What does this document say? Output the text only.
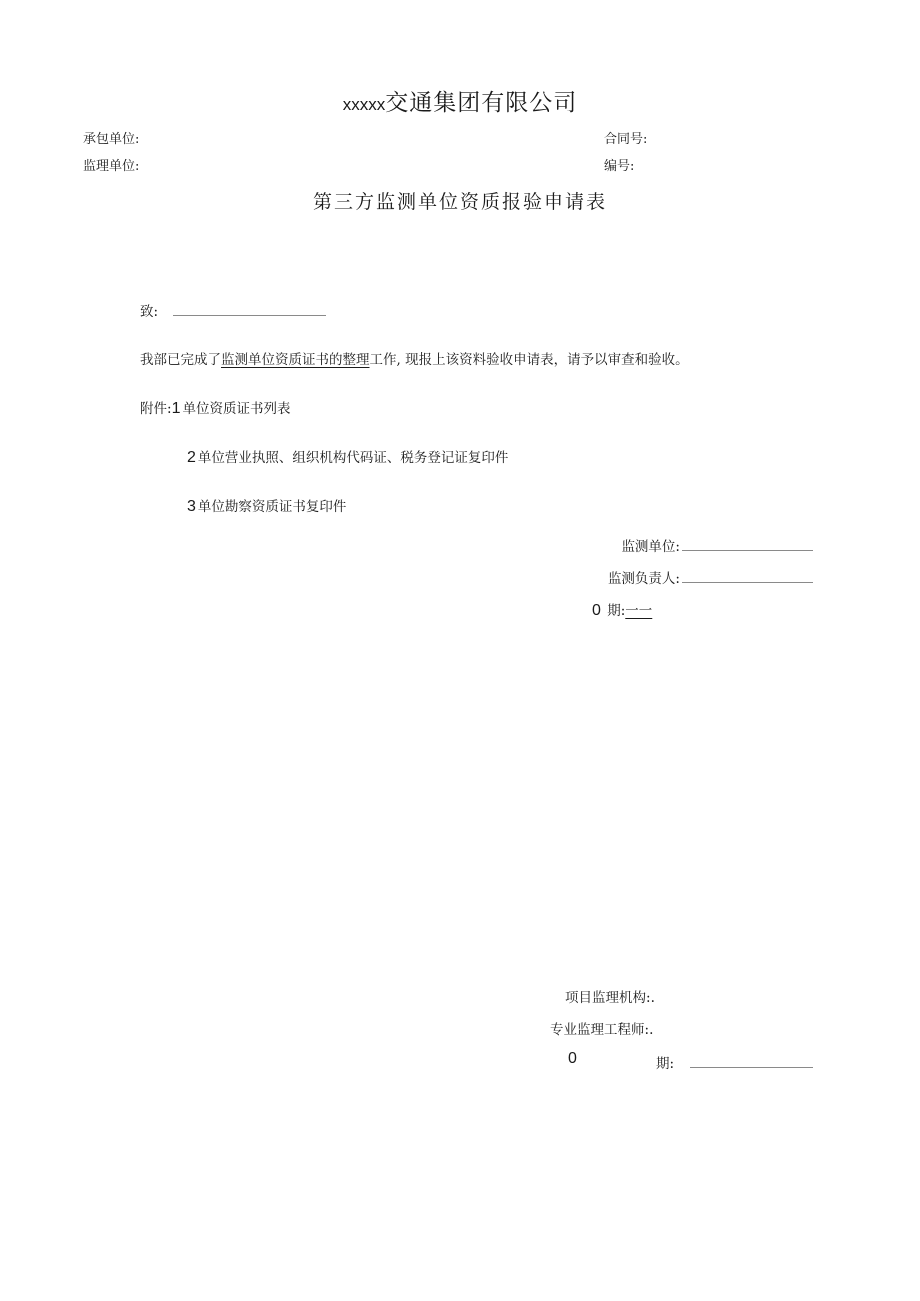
xxxxx交通集团有限公司
承包单位:	合同号:
监理单位:	编号:
第三方监测单位资质报验申请表
致:
我部已完成了监测单位资质证书的整理工作, 现报上该资料验收申请表，请予以审查和验收。
附件:1 单位资质证书列表
2 单位营业执照、组织机构代码证、税务登记证复印件
3 单位勘察资质证书复印件
监测单位:
监测负责人:
0 期:一一
项目监理机构:.
专业监理工程师:.
0	期:
